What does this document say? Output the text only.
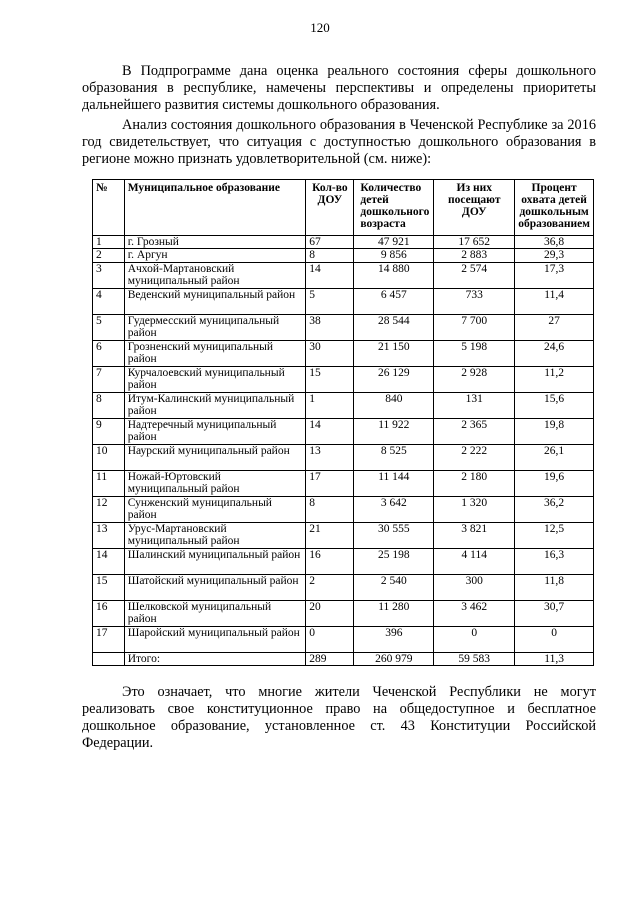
120

В Подпрограмме дана оценка реального состояния сферы дошкольного образования в республике, намечены перспективы и определены приоритеты дальнейшего развития системы дошкольного образования.

Анализ состояния дошкольного образования в Чеченской Республике за 2016 год свидетельствует, что ситуация с доступностью дошкольного образования в регионе можно признать удовлетворительной (см. ниже):

№	Муниципальное образование	Кол-во ДОУ	Количество детей дошкольного возраста	Из них посещают ДОУ	Процент охвата детей дошкольным образованием
1	г. Грозный	67	47 921	17 652	36,8
2	г. Аргун	8	9 856	2 883	29,3
3	Ачхой-Мартановский муниципальный район	14	14 880	2 574	17,3
4	Веденский муниципальный район	5	6 457	733	11,4
5	Гудермесский муниципальный район	38	28 544	7 700	27
6	Грозненский муниципальный район	30	21 150	5 198	24,6
7	Курчалоевский муниципальный район	15	26 129	2 928	11,2
8	Итум-Калинский муниципальный район	1	840	131	15,6
9	Надтеречный муниципальный район	14	11 922	2 365	19,8
10	Наурский муниципальный район	13	8 525	2 222	26,1
11	Ножай-Юртовский муниципальный район	17	11 144	2 180	19,6
12	Сунженский муниципальный район	8	3 642	1 320	36,2
13	Урус-Мартановский муниципальный район	21	30 555	3 821	12,5
14	Шалинский муниципальный район	16	25 198	4 114	16,3
15	Шатойский муниципальный район	2	2 540	300	11,8
16	Шелковской муниципальный район	20	11 280	3 462	30,7
17	Шаройский муниципальный район	0	396	0	0
	Итого:	289	260 979	59 583	11,3

Это означает, что многие жители Чеченской Республики не могут реализовать свое конституционное право на общедоступное и бесплатное дошкольное образование, установленное ст. 43 Конституции Российской Федерации.
